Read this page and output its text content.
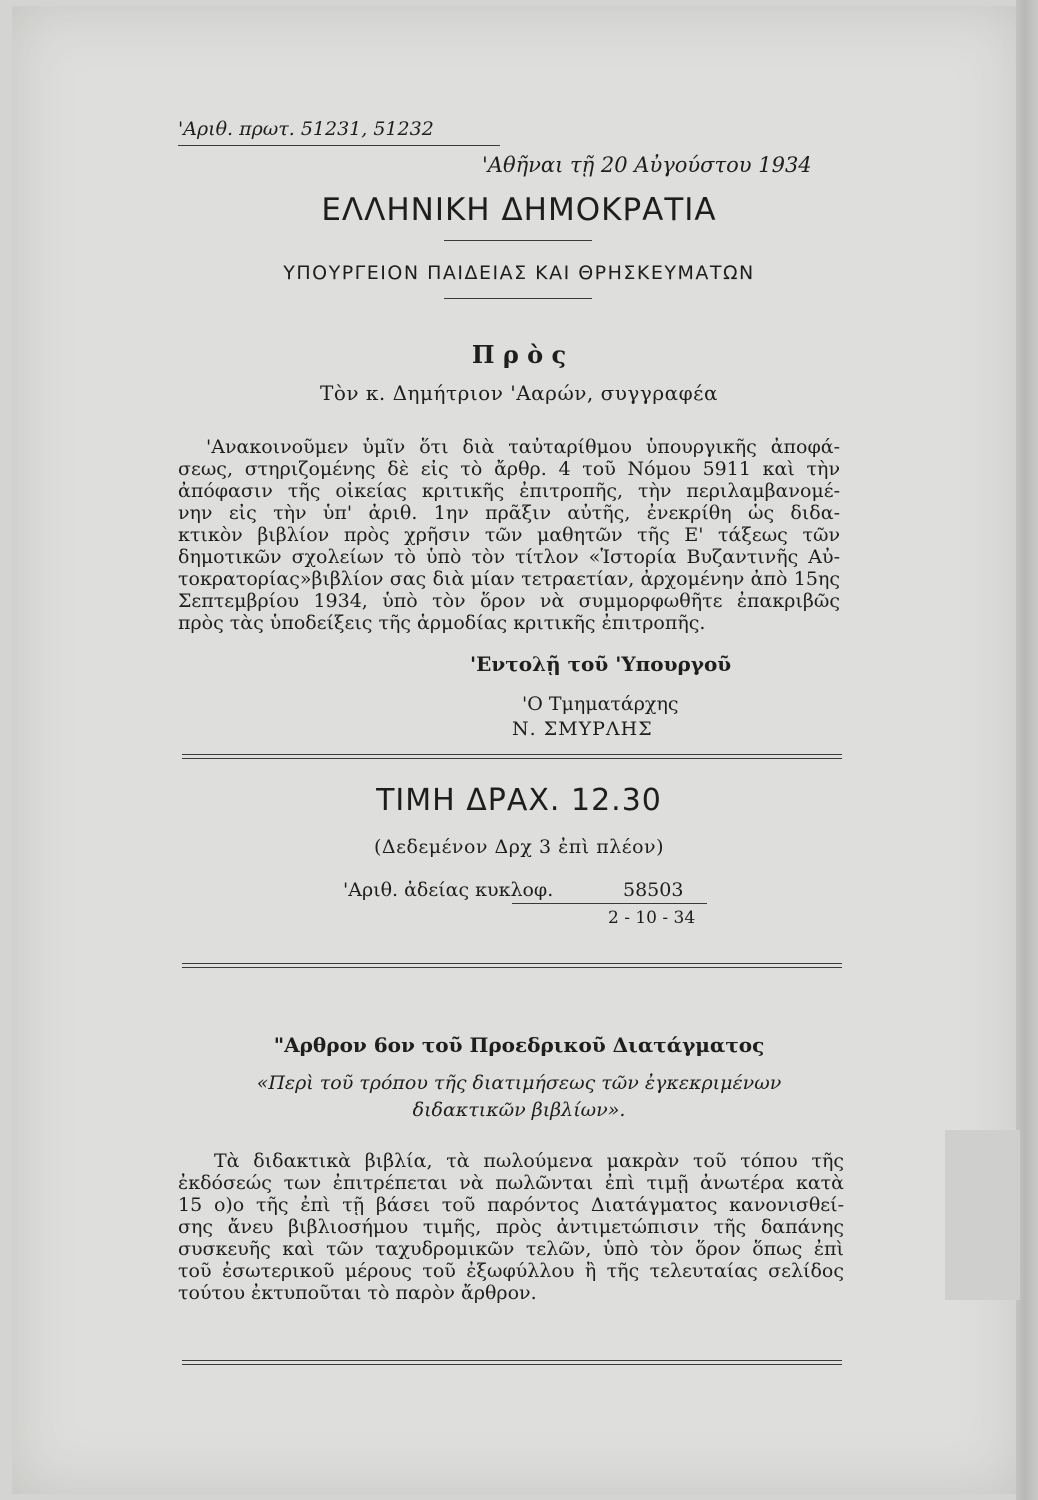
'Αριθ. πρωτ. 51231, 51232
'Αθῆναι τῇ 20 Αὐγούστου 1934
ΕΛΛΗΝΙΚΗ ΔΗΜΟΚΡΑΤΙΑ
ΥΠΟΥΡΓΕΙΟΝ ΠΑΙΔΕΙΑΣ ΚΑΙ ΘΡΗΣΚΕΥΜΑΤΩΝ
Π ρ ὸ ς
Τὸν κ. Δημήτριον 'Ααρών, συγγραφέα

'Ανακοινοῦμεν ὑμῖν ὅτι διὰ ταὐταρίθμου ὑπουργικῆς ἀποφά-

σεως, στηριζομένης δὲ εἰς τὸ ἄρθρ. 4 τοῦ Νόμου 5911 καὶ τὴν

ἀπόφασιν τῆς οἰκείας κριτικῆς ἐπιτροπῆς, τὴν περιλαμβανομέ-

νην εἰς τὴν ὑπ' ἀριθ. 1ην πρᾶξιν αὐτῆς, ἐνεκρίθη ὡς διδα-

κτικὸν βιβλίον πρὸς χρῆσιν τῶν μαθητῶν τῆς Ε' τάξεως τῶν

δημοτικῶν σχολείων τὸ ὑπὸ τὸν τίτλον «Ἱστορία Βυζαντινῆς Αὐ-

τοκρατορίας»βιβλίον σας διὰ μίαν τετραετίαν, ἀρχομένην ἀπὸ 15ης

Σεπτεμβρίου 1934, ὑπὸ τὸν ὅρον νὰ συμμορφωθῆτε ἐπακριβῶς

πρὸς τὰς ὑποδείξεις τῆς ἁρμοδίας κριτικῆς ἐπιτροπῆς.

'Εντολῇ τοῦ 'Υπουργοῦ
'Ο Τμηματάρχης
Ν. ΣΜΥΡΛΗΣ
ΤΙΜΗ ΔΡΑΧ. 12.30
(Δεδεμένον Δρχ 3 ἐπὶ πλέον)
'Αριθ. ἀδείας κυκλοφ.	58503
2 - 10 - 34
"Αρθρον 6ον τοῦ Προεδρικοῦ Διατάγματος
«Περὶ τοῦ τρόπου τῆς διατιμήσεως τῶν ἐγκεκριμένων
διδακτικῶν βιβλίων».

Τὰ διδακτικὰ βιβλία, τὰ πωλούμενα μακρὰν τοῦ τόπου τῆς

ἐκδόσεώς των ἐπιτρέπεται νὰ πωλῶνται ἐπὶ τιμῇ ἀνωτέρα κατὰ

15 ο)ο τῆς ἐπὶ τῇ βάσει τοῦ παρόντος Διατάγματος κανονισθεί-

σης ἄνευ βιβλιοσήμου τιμῆς, πρὸς ἀντιμετώπισιν τῆς δαπάνης

συσκευῆς καὶ τῶν ταχυδρομικῶν τελῶν, ὑπὸ τὸν ὅρον ὅπως ἐπὶ

τοῦ ἐσωτερικοῦ μέρους τοῦ ἐξωφύλλου ἢ τῆς τελευταίας σελίδος

τούτου ἐκτυποῦται τὸ παρὸν ἄρθρον.
